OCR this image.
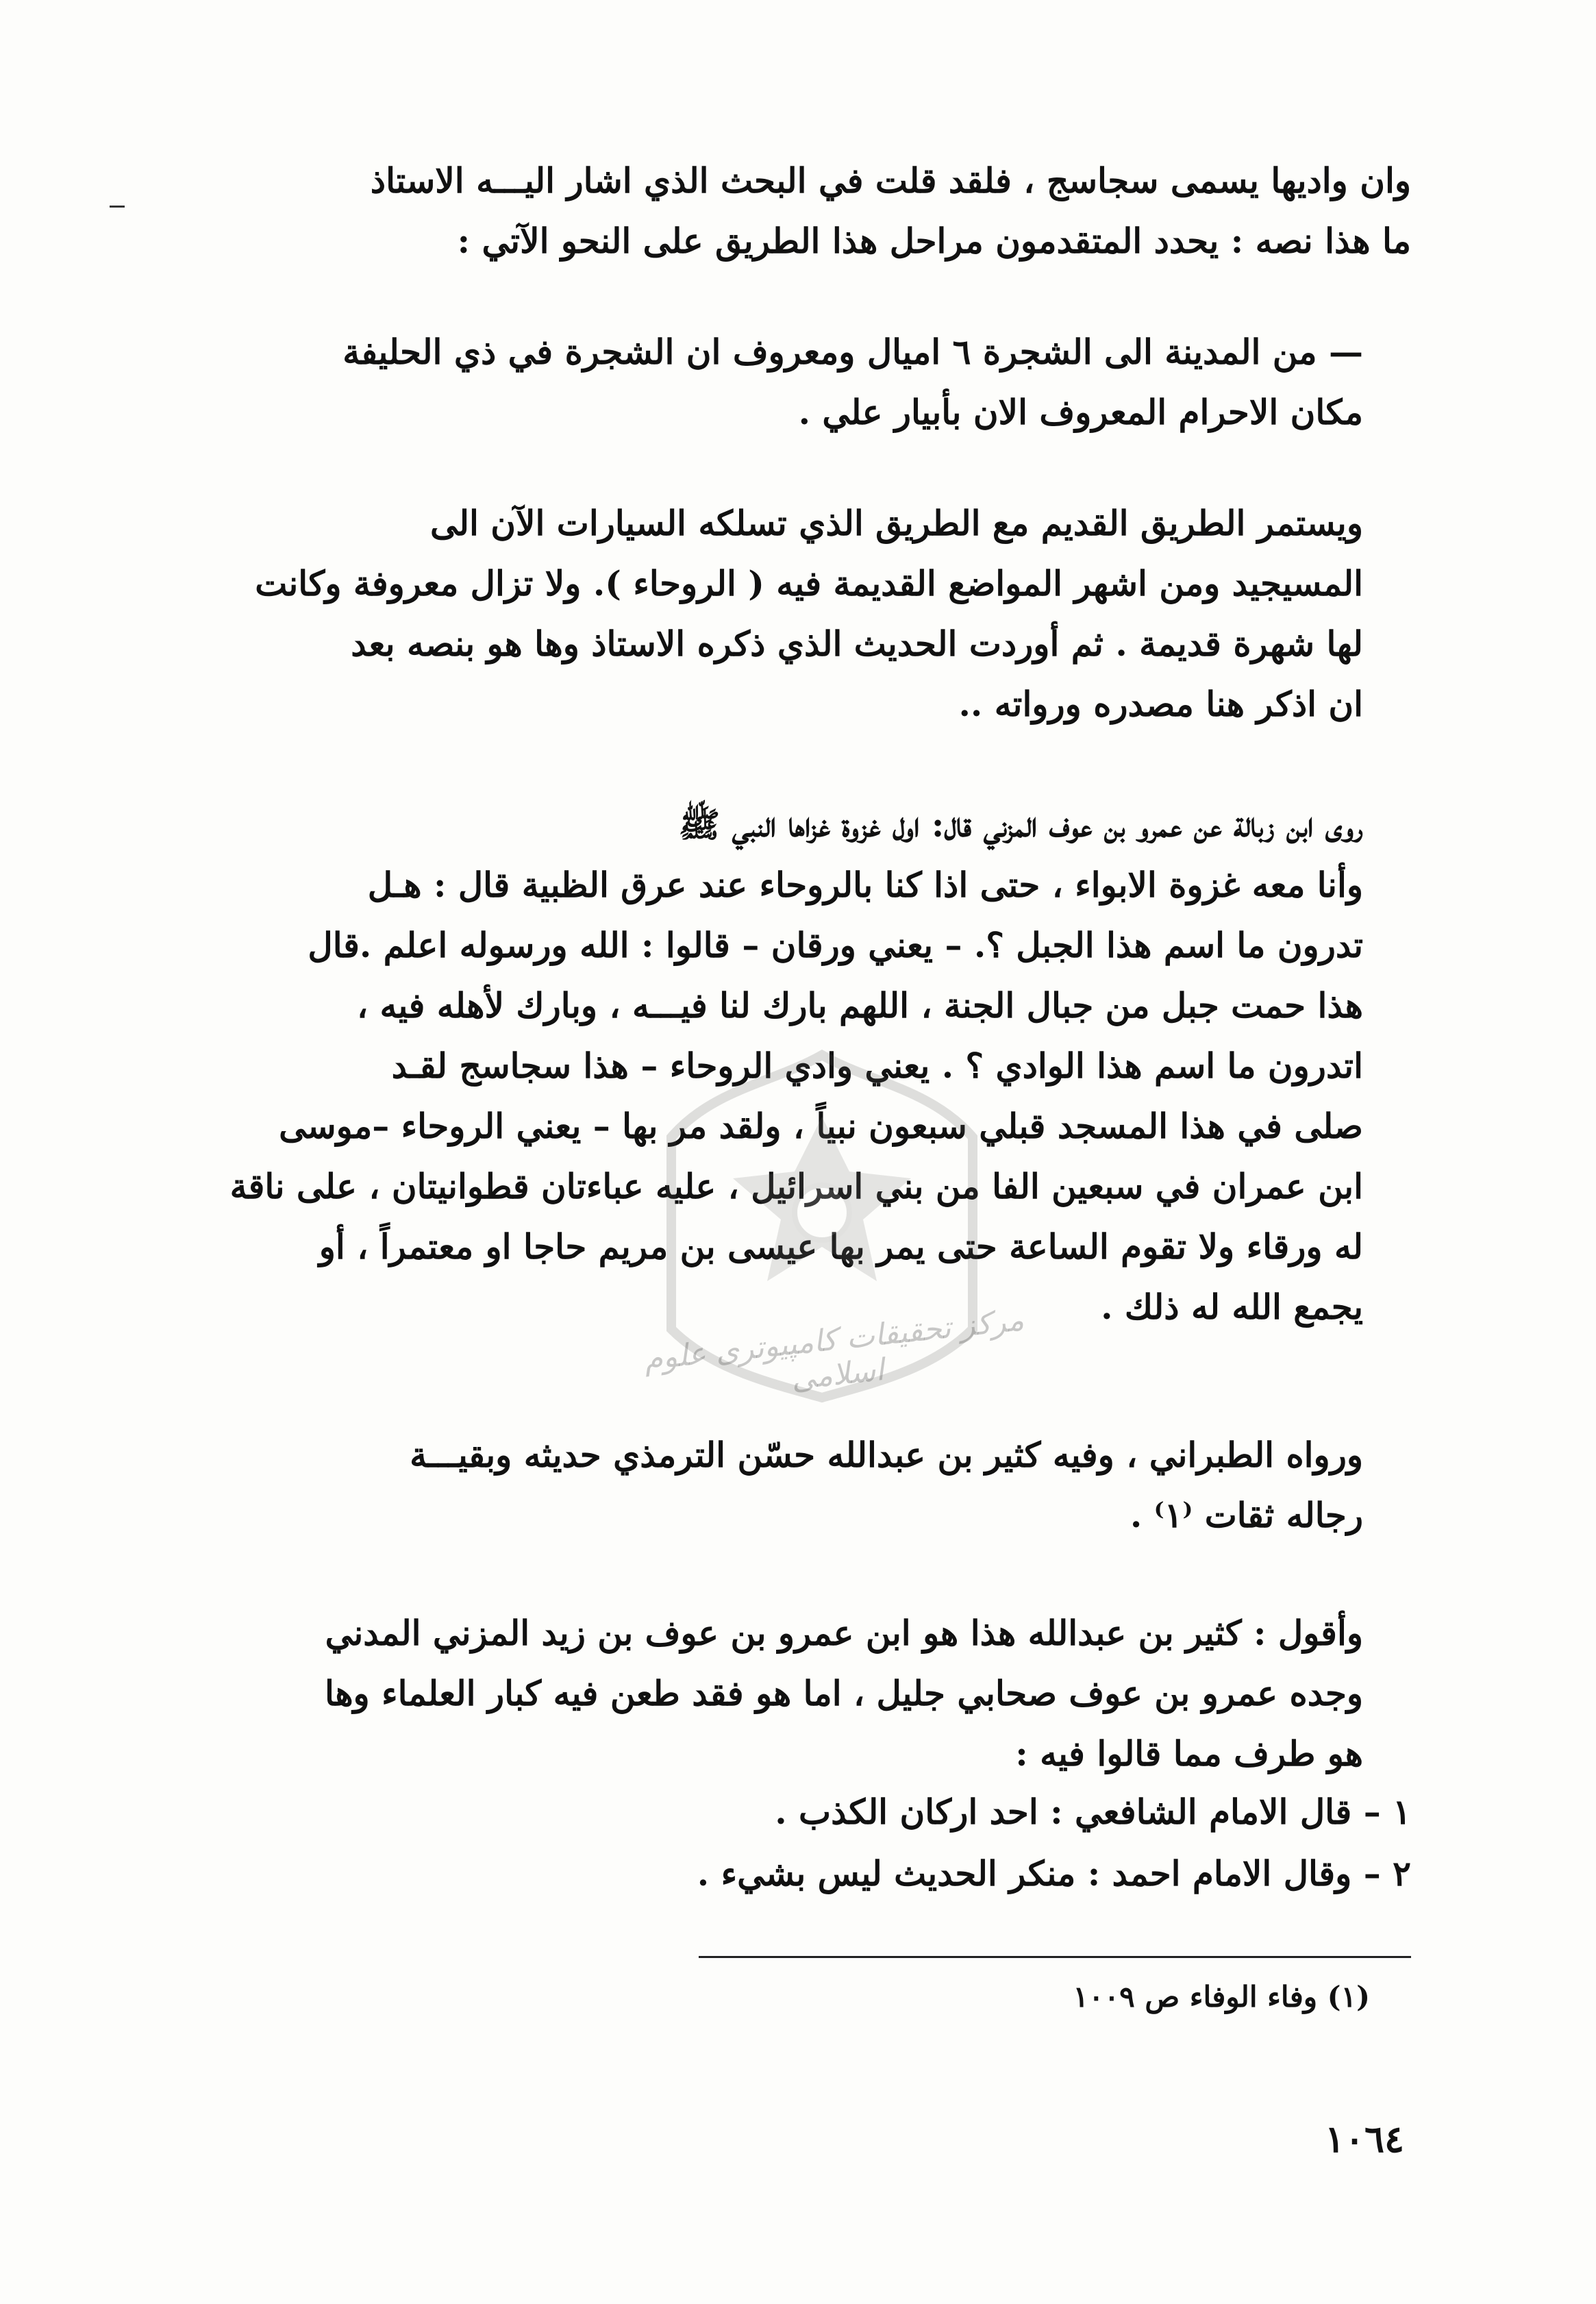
وان واديها يسمى سجاسج ، فلقد قلت في البحث الذي اشار اليـــه الاستاذ
ما هذا نصه : يحدد المتقدمون مراحل هذا الطريق على النحو الآتي :
— من المدينة الى الشجرة ٦ اميال ومعروف ان الشجرة في ذي الحليفة
مكان الاحرام المعروف الان بأبيار علي .
ويستمر الطريق القديم مع الطريق الذي تسلكه السيارات الآن الى
المسيجيد ومن اشهر المواضع القديمة فيه ( الروحاء ). ولا تزال معروفة وكانت
لها شهرة قديمة . ثم أوردت الحديث الذي ذكره الاستاذ وها هو بنصه بعد
ان اذكر هنا مصدره ورواته ..
روى ابن زبالة عن عمرو بن عوف المزني قال: اول غزوة غزاها النبي ﷺ
وأنا معه غزوة الابواء ، حتى اذا كنا بالروحاء عند عرق الظبية قال : هـل
تدرون ما اسم هذا الجبل ؟. – يعني ورقان – قالوا : الله ورسوله اعلم .قال
هذا حمت جبل من جبال الجنة ، اللهم بارك لنا فيـــه ، وبارك لأهله فيه ،
اتدرون ما اسم هذا الوادي ؟ . يعني وادي الروحاء – هذا سجاسج لقـد
صلى في هذا المسجد قبلي سبعون نبياً ، ولقد مر بها – يعني الروحاء –موسى
ابن عمران في سبعين الفا من بني اسرائيل ، عليه عباءتان قطوانيتان ، على ناقة
له ورقاء ولا تقوم الساعة حتى يمر بها عيسى بن مريم حاجا او معتمراً ، أو
يجمع الله له ذلك .
ورواه الطبراني ، وفيه كثير بن عبدالله حسّن الترمذي حديثه وبقيـــة
رجاله ثقات ⁽١⁾ .
وأقول : كثير بن عبدالله هذا هو ابن عمرو بن عوف بن زيد المزني المدني
وجده عمرو بن عوف صحابي جليل ، اما هو فقد طعن فيه كبار العلماء وها
هو طرف مما قالوا فيه :
١ – قال الامام الشافعي : احد اركان الكذب .
٢ – وقال الامام احمد : منكر الحديث ليس بشيء .
(١) وفاء الوفاء ص ١٠٠٩
١٠٦٤
مرکز تحقیقات کامپیوتری علوم اسلامی
